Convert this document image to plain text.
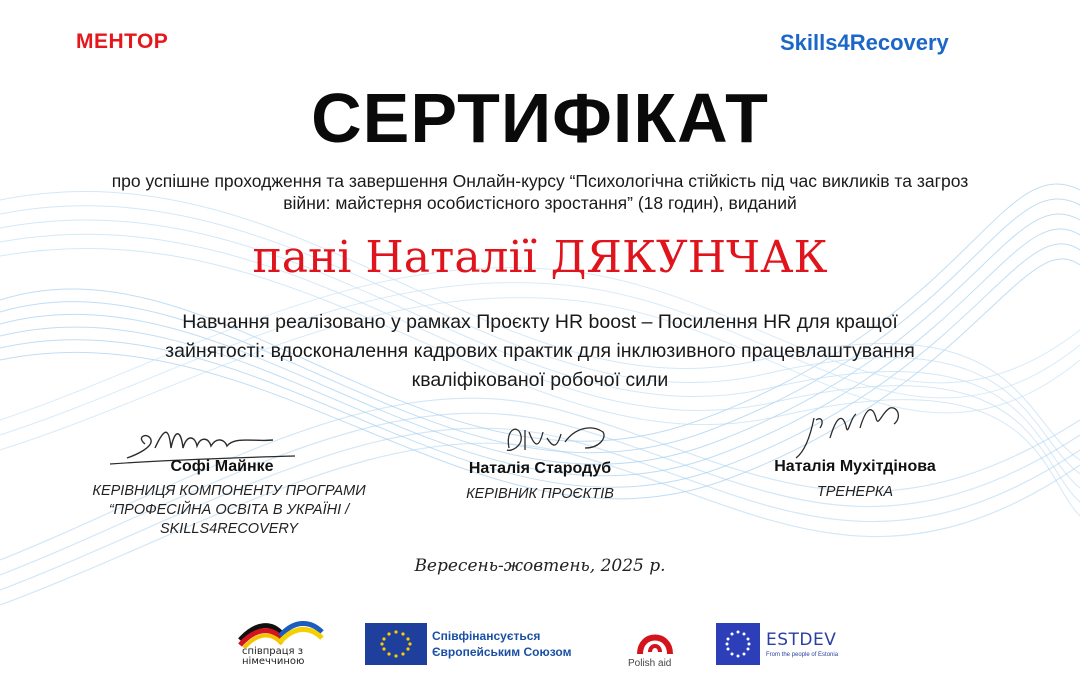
МЕНТОР	Skills4Recovery
СЕРТИФІКАТ
про успішне проходження та завершення Онлайн-курсу “Психологічна стійкість під час викликів та загроз війни: майстерня особистісного зростання” (18 годин), виданий
пані Наталії ДЯКУНЧАК
Навчання реалізовано у рамках Проєкту HR boost – Посилення HR для кращої зайнятості: вдосконалення кадрових практик для інклюзивного працевлаштування кваліфікованої робочої сили
Софі Майнке
КЕРІВНИЦЯ КОМПОНЕНТУ ПРОГРАМИ “ПРОФЕСІЙНА ОСВІТА В УКРАЇНІ / SKILLS4RECOVERY
Наталія Стародуб
КЕРІВНИК ПРОЄКТІВ
Наталія Мухітдінова
ТРЕНЕРКА
Вересень-жовтень, 2025 р.
співпраця з німеччиною
Співфінансується
Європейським Союзом
Polish aid
ESTDEV
From the people of Estonia
